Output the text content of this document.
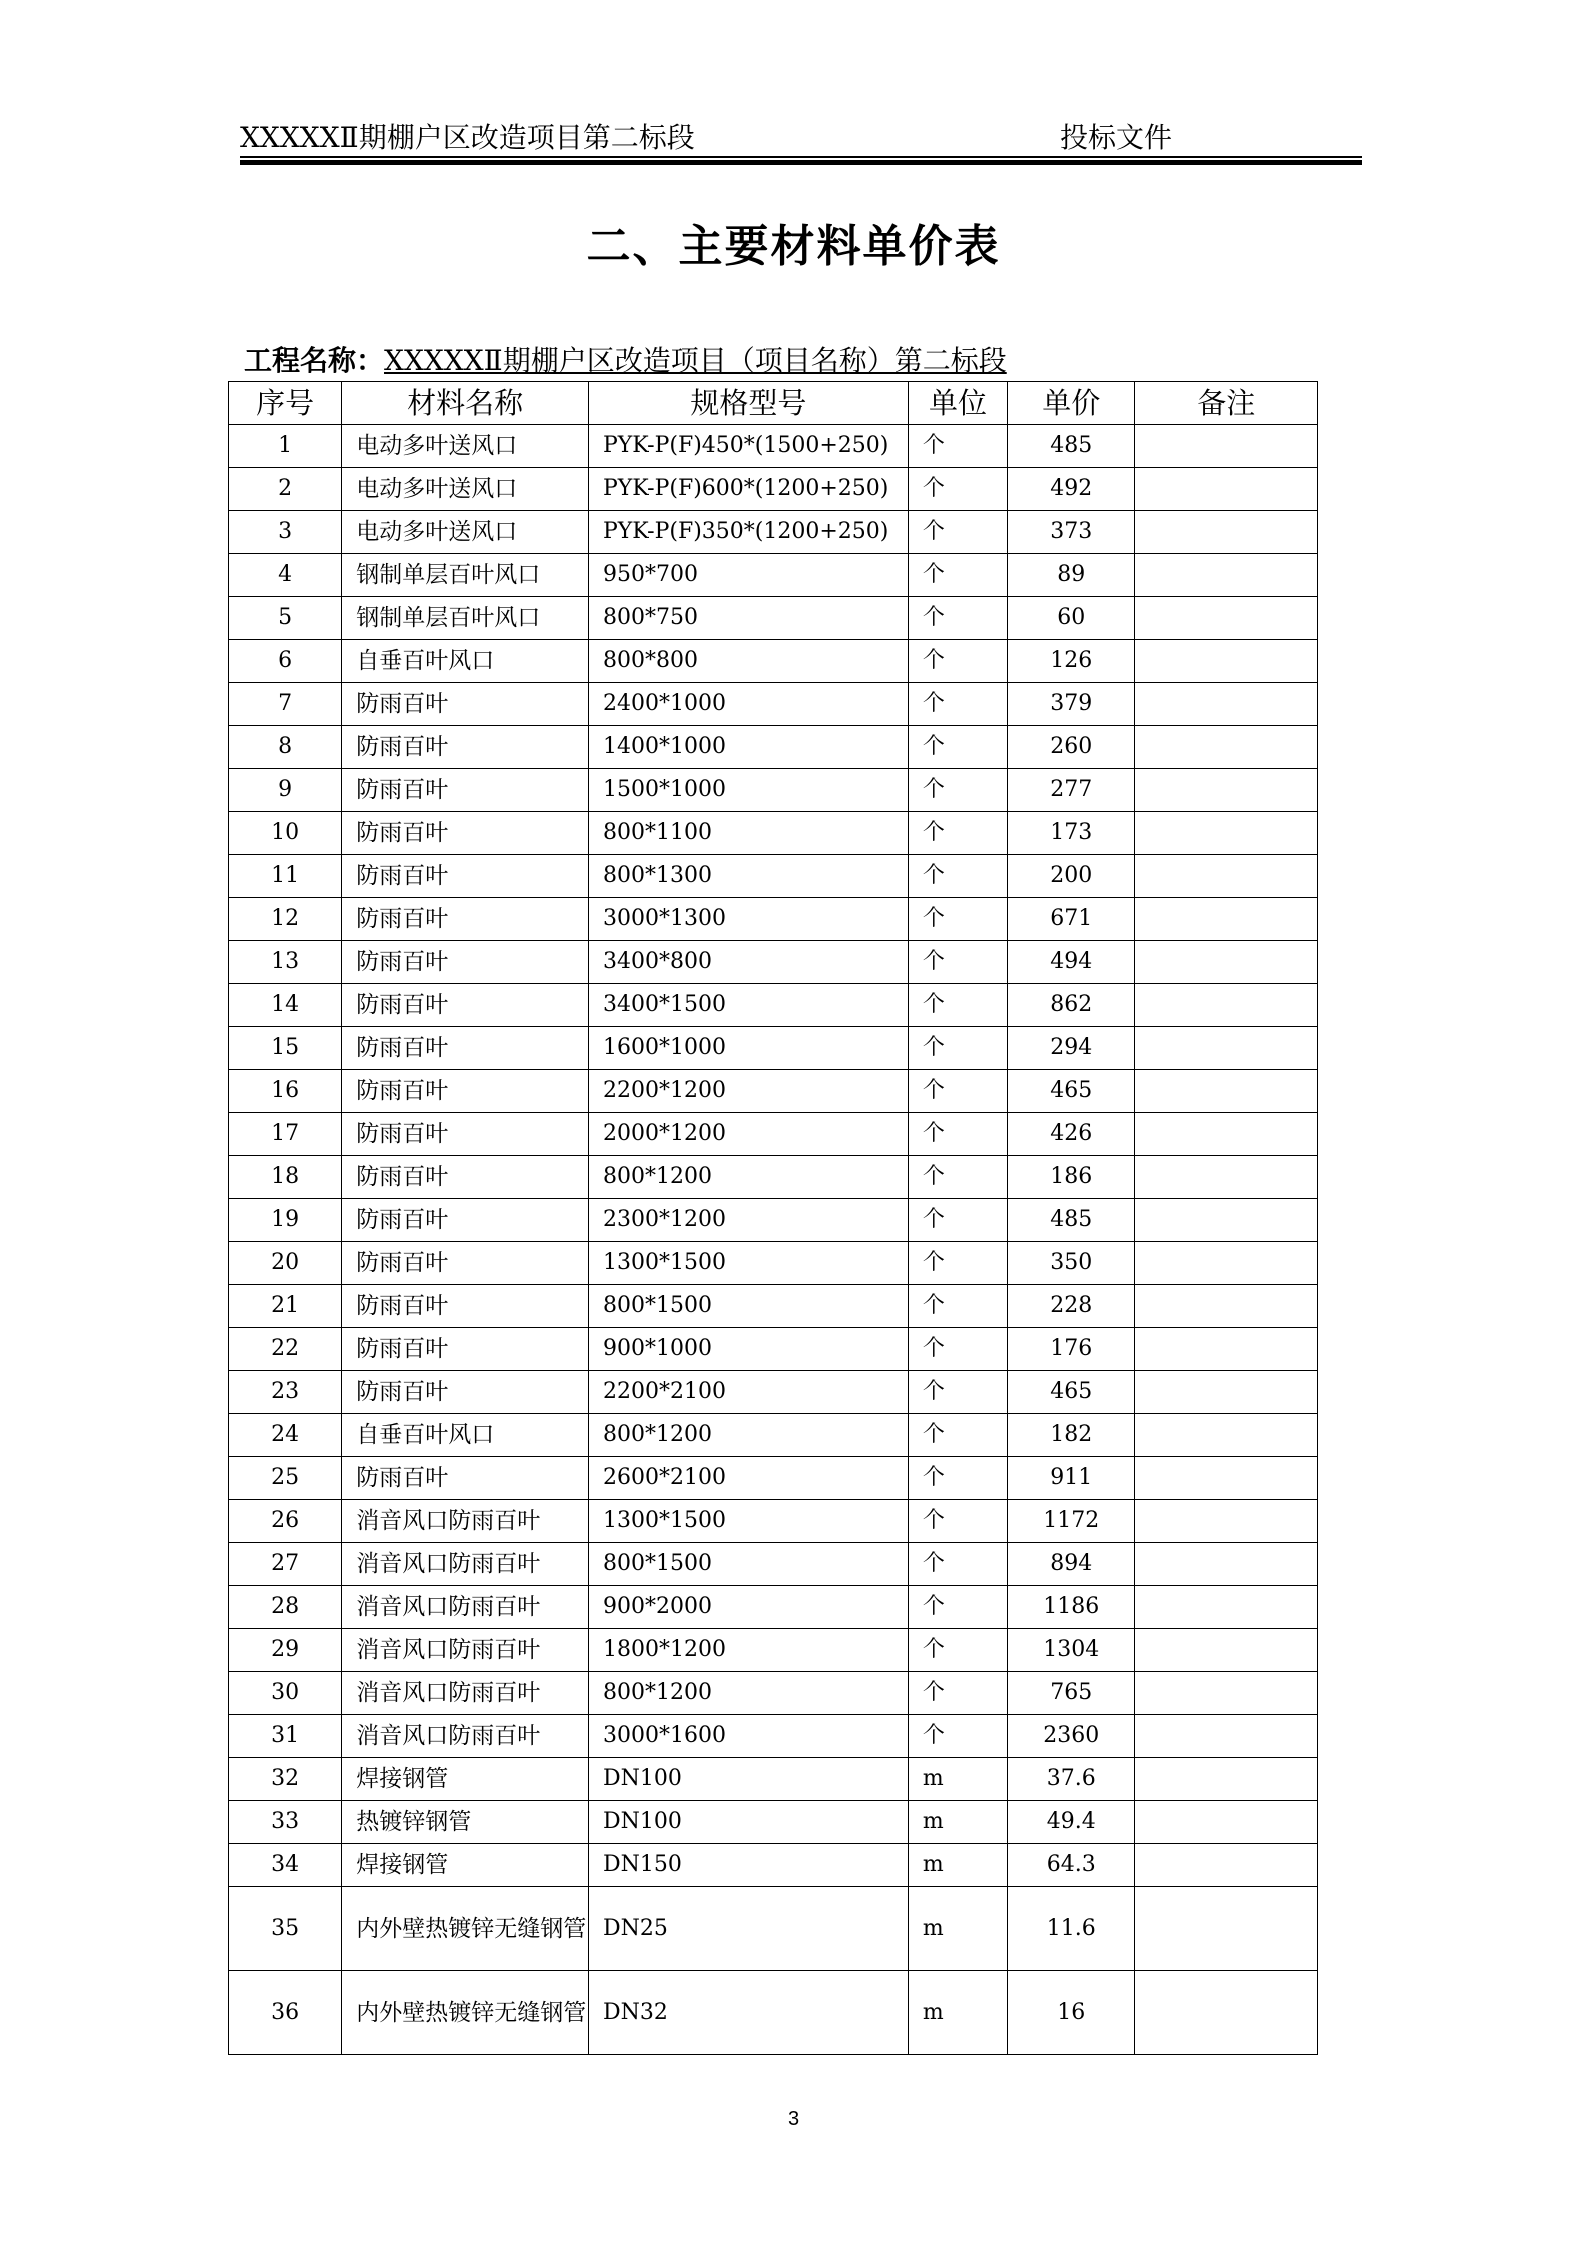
XXXXXⅡ期棚户区改造项目第二标段	投标文件
二、主要材料单价表
工程名称：XXXXXⅡ期棚户区改造项目（项目名称）第二标段
序号	材料名称	规格型号	单位	单价	备注
1	电动多叶送风口	PYK-P(F)450*(1500+250)	个	485	
2	电动多叶送风口	PYK-P(F)600*(1200+250)	个	492	
3	电动多叶送风口	PYK-P(F)350*(1200+250)	个	373	
4	钢制单层百叶风口	950*700	个	89	
5	钢制单层百叶风口	800*750	个	60	
6	自垂百叶风口	800*800	个	126	
7	防雨百叶	2400*1000	个	379	
8	防雨百叶	1400*1000	个	260	
9	防雨百叶	1500*1000	个	277	
10	防雨百叶	800*1100	个	173	
11	防雨百叶	800*1300	个	200	
12	防雨百叶	3000*1300	个	671	
13	防雨百叶	3400*800	个	494	
14	防雨百叶	3400*1500	个	862	
15	防雨百叶	1600*1000	个	294	
16	防雨百叶	2200*1200	个	465	
17	防雨百叶	2000*1200	个	426	
18	防雨百叶	800*1200	个	186	
19	防雨百叶	2300*1200	个	485	
20	防雨百叶	1300*1500	个	350	
21	防雨百叶	800*1500	个	228	
22	防雨百叶	900*1000	个	176	
23	防雨百叶	2200*2100	个	465	
24	自垂百叶风口	800*1200	个	182	
25	防雨百叶	2600*2100	个	911	
26	消音风口防雨百叶	1300*1500	个	1172	
27	消音风口防雨百叶	800*1500	个	894	
28	消音风口防雨百叶	900*2000	个	1186	
29	消音风口防雨百叶	1800*1200	个	1304	
30	消音风口防雨百叶	800*1200	个	765	
31	消音风口防雨百叶	3000*1600	个	2360	
32	焊接钢管	DN100	m	37.6	
33	热镀锌钢管	DN100	m	49.4	
34	焊接钢管	DN150	m	64.3	
35	内外壁热镀锌无缝钢管	DN25	m	11.6	
36	内外壁热镀锌无缝钢管	DN32	m	16	
3
